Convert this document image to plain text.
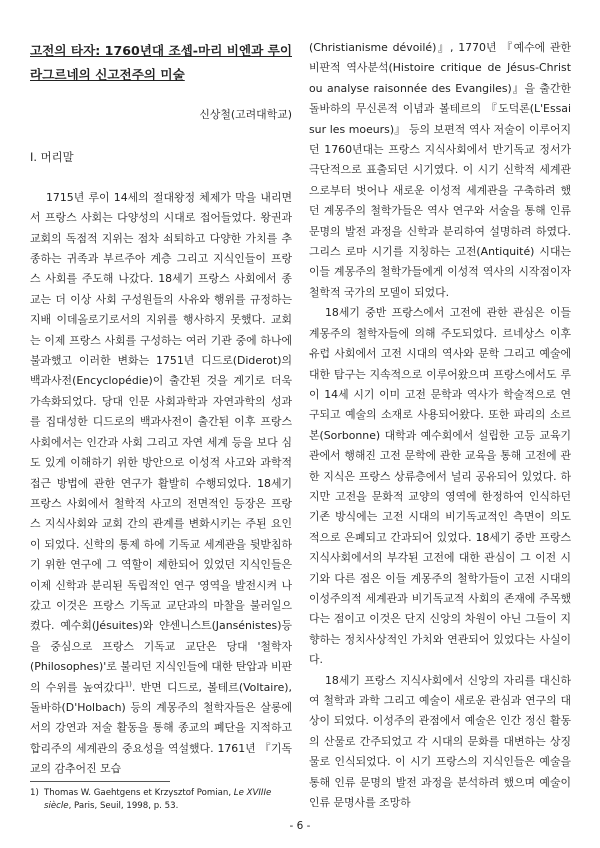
고전의 타자: 1760년대 조셉-마리 비엔과 루이 라그르네의 신고전주의 미술
신상철(고려대학교)
Ⅰ. 머리말

1715년 루이 14세의 절대왕정 체제가 막을 내리면서 프랑스 사회는 다양성의 시대로 접어들었다. 왕권과 교회의 독점적 지위는 점차 쇠퇴하고 다양한 가치를 추종하는 귀족과 부르주아 계층 그리고 지식인들이 프랑스 사회를 주도해 나갔다. 18세기 프랑스 사회에서 종교는 더 이상 사회 구성원들의 사유와 행위를 규정하는 지배 이데올로기로서의 지위를 행사하지 못했다. 교회는 이제 프랑스 사회를 구성하는 여러 기관 중에 하나에 불과했고 이러한 변화는 1751년 디드로(Diderot)의 백과사전(Encyclopédie)이 출간된 것을 계기로 더욱 가속화되었다. 당대 인문 사회과학과 자연과학의 성과를 집대성한 디드로의 백과사전이 출간된 이후 프랑스 사회에서는 인간과 사회 그리고 자연 세계 등을 보다 심도 있게 이해하기 위한 방안으로 이성적 사고와 과학적 접근 방법에 관한 연구가 활발히 수행되었다. 18세기 프랑스 사회에서 철학적 사고의 전면적인 등장은 프랑스 지식사회와 교회 간의 관계를 변화시키는 주된 요인이 되었다. 신학의 통제 하에 기독교 세계관을 뒷받침하기 위한 연구에 그 역할이 제한되어 있었던 지식인들은 이제 신학과 분리된 독립적인 연구 영역을 발전시켜 나갔고 이것은 프랑스 기독교 교단과의 마찰을 불러일으켰다. 예수회(Jésuites)와 얀센니스트(Jansénistes)등을 중심으로 프랑스 기독교 교단은 당대 '철학자(Philosophes)'로 불리던 지식인들에 대한 탄압과 비판의 수위를 높여갔다$^{1)}$. 반면 디드로, 볼테르(Voltaire), 돌바하(D'Holbach) 등의 계몽주의 철학자들은 살롱에서의 강연과 저술 활동을 통해 종교의 폐단을 지적하고 합리주의 세계관의 중요성을 역설했다. 1761년 『기독교의 감추어진 모습

(Christianisme dévoilé)』, 1770년 『예수에 관한 비판적 역사분석(Histoire critique de Jésus-Christ ou analyse raisonnée des Evangiles)』을 출간한 돌바하의 무신론적 이념과 볼테르의 『도덕론(L'Essai sur les moeurs)』 등의 보편적 역사 저술이 이루어지던 1760년대는 프랑스 지식사회에서 반기독교 정서가 극단적으로 표출되던 시기였다. 이 시기 신학적 세계관으로부터 벗어나 새로운 이성적 세계관을 구축하려 했던 계몽주의 철학가들은 역사 연구와 서술을 통해 인류 문명의 발전 과정을 신학과 분리하여 설명하려 하였다. 그리스 로마 시기를 지칭하는 고전(Antiquité) 시대는 이들 계몽주의 철학가들에게 이성적 역사의 시작점이자 철학적 국가의 모델이 되었다.

18세기 중반 프랑스에서 고전에 관한 관심은 이들 계몽주의 철학자들에 의해 주도되었다. 르네상스 이후 유럽 사회에서 고전 시대의 역사와 문학 그리고 예술에 대한 탐구는 지속적으로 이루어왔으며 프랑스에서도 루이 14세 시기 이미 고전 문학과 역사가 학술적으로 연구되고 예술의 소재로 사용되어왔다. 또한 파리의 소르본(Sorbonne) 대학과 예수회에서 설립한 고등 교육기관에서 행해진 고전 문학에 관한 교육을 통해 고전에 관한 지식은 프랑스 상류층에서 널리 공유되어 있었다. 하지만 고전을 문화적 교양의 영역에 한정하여 인식하던 기존 방식에는 고전 시대의 비기독교적인 측면이 의도적으로 은폐되고 간과되어 있었다. 18세기 중반 프랑스 지식사회에서의 부각된 고전에 대한 관심이 그 이전 시기와 다른 점은 이들 계몽주의 철학가들이 고전 시대의 이성주의적 세계관과 비기독교적 사회의 존재에 주목했다는 점이고 이것은 단지 신앙의 차원이 아닌 그들이 지향하는 정치사상적인 가치와 연관되어 있었다는 사실이다.

18세기 프랑스 지식사회에서 신앙의 자리를 대신하여 철학과 과학 그리고 예술이 새로운 관심과 연구의 대상이 되었다. 이성주의 관점에서 예술은 인간 정신 활동의 산물로 간주되었고 각 시대의 문화를 대변하는 상징물로 인식되었다. 이 시기 프랑스의 지식인들은 예술을 통해 인류 문명의 발전 과정을 분석하려 했으며 예술이 인류 문명사를 조망하

1) Thomas W. Gaehtgens et Krzysztof Pomian, Le XVIIIe
siècle, Paris, Seuil, 1998, p. 53.
- 6 -
